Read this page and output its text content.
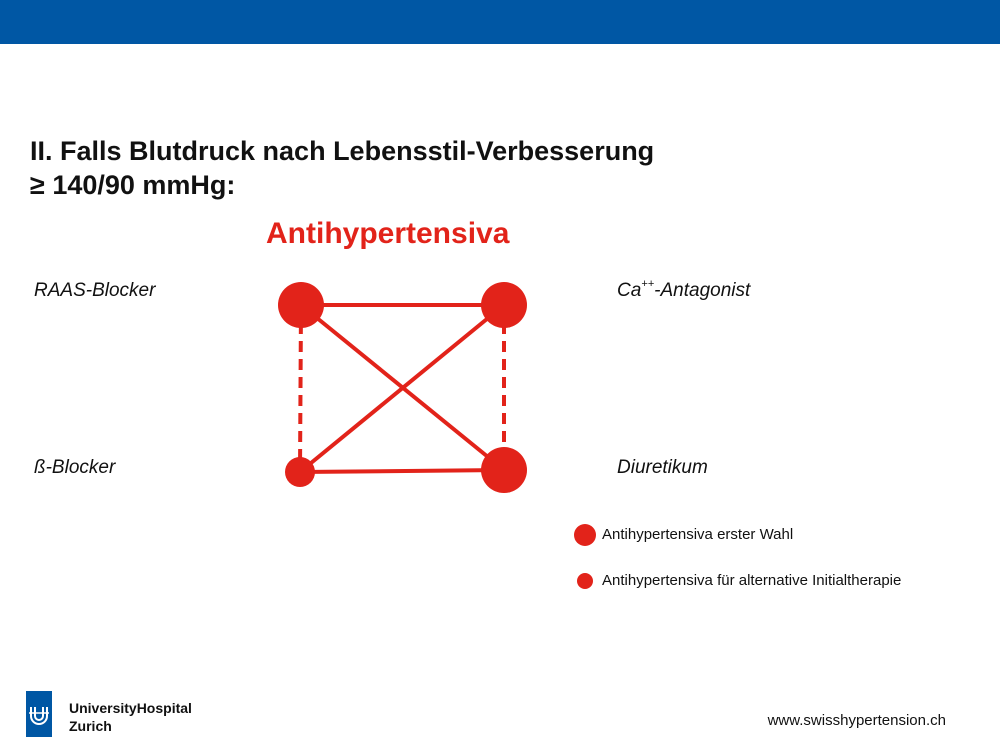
II. Falls Blutdruck nach Lebensstil-Verbesserung
≥ 140/90 mmHg:
Antihypertensiva
RAAS-Blocker	Ca++-Antagonist
ß-Blocker	Diuretikum
Antihypertensiva erster Wahl
Antihypertensiva für alternative Initialtherapie
UniversityHospital
Zurich	www.swisshypertension.ch
